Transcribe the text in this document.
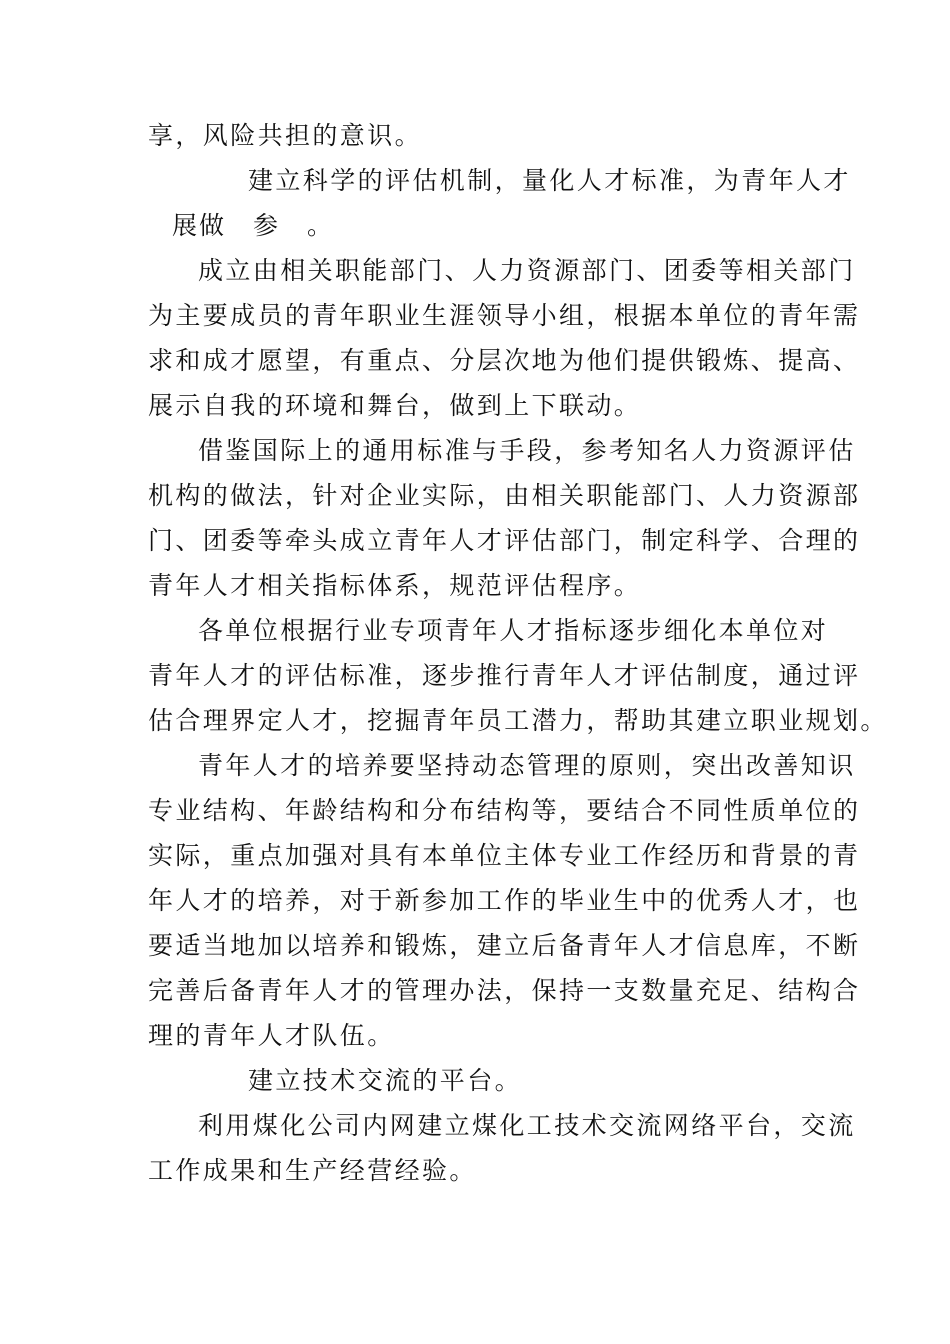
享，风险共担的意识。
建立科学的评估机制，量化人才标准，为青年人才
展做　参　。
成立由相关职能部门、人力资源部门、团委等相关部门
为主要成员的青年职业生涯领导小组，根据本单位的青年需
求和成才愿望，有重点、分层次地为他们提供锻炼、提高、
展示自我的环境和舞台，做到上下联动。
借鉴国际上的通用标准与手段，参考知名人力资源评估
机构的做法，针对企业实际，由相关职能部门、人力资源部
门、团委等牵头成立青年人才评估部门，制定科学、合理的
青年人才相关指标体系，规范评估程序。
各单位根据行业专项青年人才指标逐步细化本单位对
青年人才的评估标准，逐步推行青年人才评估制度，通过评
估合理界定人才，挖掘青年员工潜力，帮助其建立职业规划。
青年人才的培养要坚持动态管理的原则，突出改善知识
专业结构、年龄结构和分布结构等，要结合不同性质单位的
实际，重点加强对具有本单位主体专业工作经历和背景的青
年人才的培养，对于新参加工作的毕业生中的优秀人才，也
要适当地加以培养和锻炼，建立后备青年人才信息库，不断
完善后备青年人才的管理办法，保持一支数量充足、结构合
理的青年人才队伍。
建立技术交流的平台。
利用煤化公司内网建立煤化工技术交流网络平台，交流
工作成果和生产经营经验。
